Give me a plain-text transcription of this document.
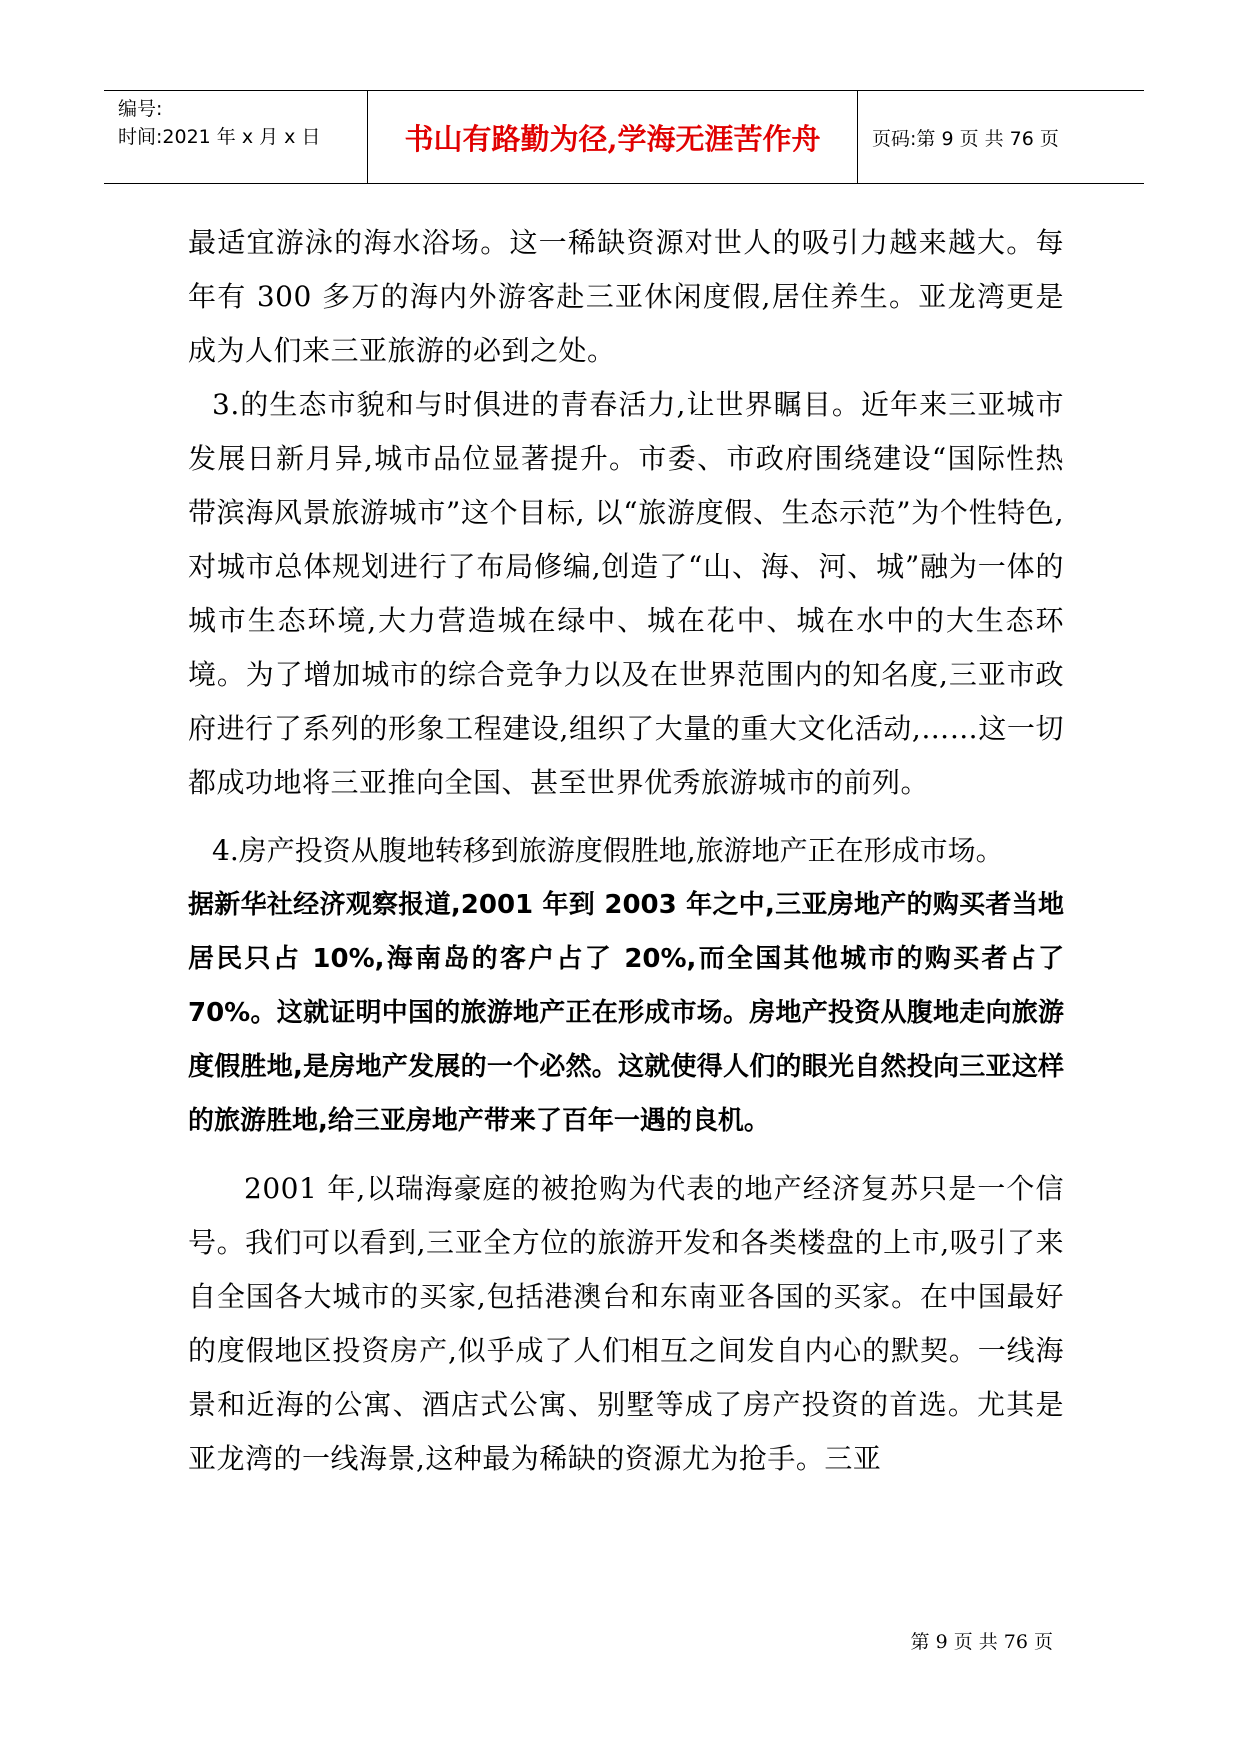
编号:
时间:2021 年 x 月 x 日	书山有路勤为径,学海无涯苦作舟	页码:第 9 页 共 76 页

最适宜游泳的海水浴场。这一稀缺资源对世人的吸引力越来越大。每年有 300 多万的海内外游客赴三亚休闲度假,居住养生。亚龙湾更是成为人们来三亚旅游的必到之处。

3.的生态市貌和与时俱进的青春活力,让世界瞩目。近年来三亚城市发展日新月异,城市品位显著提升。市委、市政府围绕建设“国际性热带滨海风景旅游城市”这个目标, 以“旅游度假、生态示范”为个性特色,对城市总体规划进行了布局修编,创造了“山、海、河、城”融为一体的城市生态环境,大力营造城在绿中、城在花中、城在水中的大生态环境。为了增加城市的综合竞争力以及在世界范围内的知名度,三亚市政府进行了系列的形象工程建设,组织了大量的重大文化活动,……这一切都成功地将三亚推向全国、甚至世界优秀旅游城市的前列。

4.房产投资从腹地转移到旅游度假胜地,旅游地产正在形成市场。

据新华社经济观察报道,2001 年到 2003 年之中,三亚房地产的购买者当地居民只占 10%,海南岛的客户占了 20%,而全国其他城市的购买者占了 70%。这就证明中国的旅游地产正在形成市场。房地产投资从腹地走向旅游度假胜地,是房地产发展的一个必然。这就使得人们的眼光自然投向三亚这样的旅游胜地,给三亚房地产带来了百年一遇的良机。

2001 年,以瑞海豪庭的被抢购为代表的地产经济复苏只是一个信号。我们可以看到,三亚全方位的旅游开发和各类楼盘的上市,吸引了来自全国各大城市的买家,包括港澳台和东南亚各国的买家。在中国最好的度假地区投资房产,似乎成了人们相互之间发自内心的默契。一线海景和近海的公寓、酒店式公寓、别墅等成了房产投资的首选。尤其是亚龙湾的一线海景,这种最为稀缺的资源尤为抢手。三亚

第 9 页 共 76 页
